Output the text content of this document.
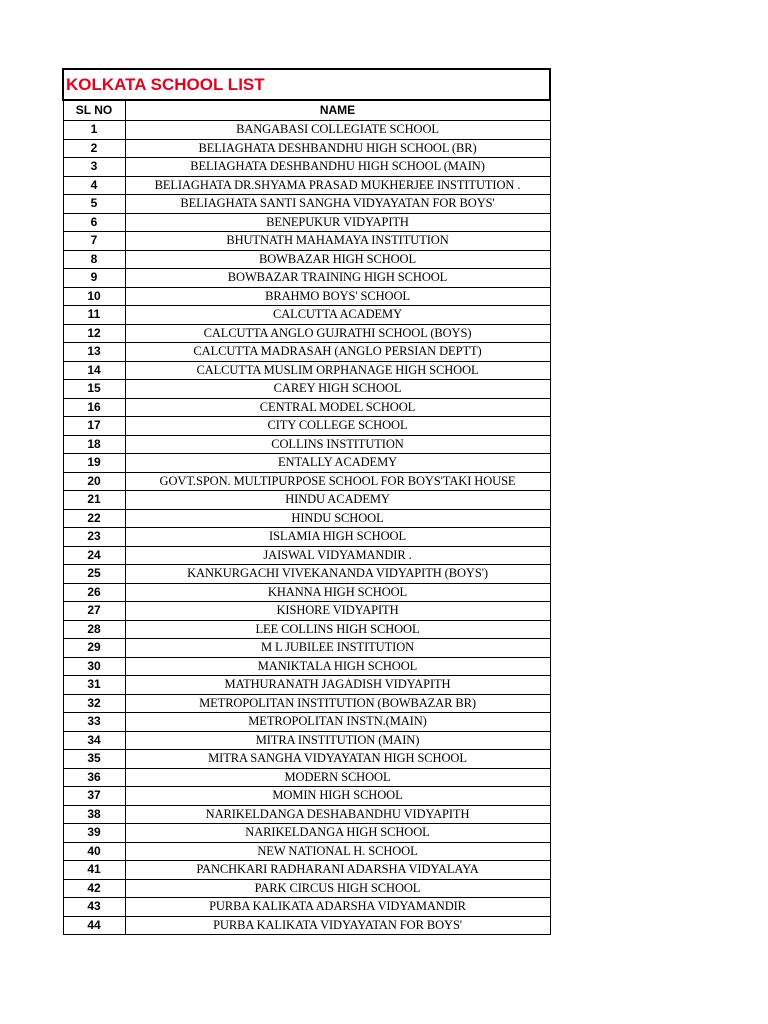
KOLKATA SCHOOL LIST	
SL NO	NAME
1	BANGABASI COLLEGIATE SCHOOL
2	BELIAGHATA DESHBANDHU HIGH SCHOOL (BR)
3	BELIAGHATA DESHBANDHU HIGH SCHOOL (MAIN)
4	BELIAGHATA DR.SHYAMA PRASAD MUKHERJEE INSTITUTION .
5	BELIAGHATA SANTI SANGHA VIDYAYATAN FOR BOYS'
6	BENEPUKUR VIDYAPITH
7	BHUTNATH MAHAMAYA INSTITUTION
8	BOWBAZAR HIGH SCHOOL
9	BOWBAZAR TRAINING HIGH SCHOOL
10	BRAHMO BOYS' SCHOOL
11	CALCUTTA ACADEMY
12	CALCUTTA ANGLO GUJRATHI SCHOOL (BOYS)
13	CALCUTTA MADRASAH (ANGLO PERSIAN DEPTT)
14	CALCUTTA MUSLIM ORPHANAGE HIGH SCHOOL
15	CAREY HIGH SCHOOL
16	CENTRAL MODEL SCHOOL
17	CITY COLLEGE SCHOOL
18	COLLINS INSTITUTION
19	ENTALLY ACADEMY
20	GOVT.SPON. MULTIPURPOSE SCHOOL FOR BOYS'TAKI HOUSE
21	HINDU ACADEMY
22	HINDU SCHOOL
23	ISLAMIA HIGH SCHOOL
24	JAISWAL VIDYAMANDIR .
25	KANKURGACHI VIVEKANANDA VIDYAPITH (BOYS')
26	KHANNA HIGH SCHOOL
27	KISHORE VIDYAPITH
28	LEE COLLINS HIGH SCHOOL
29	M L JUBILEE INSTITUTION
30	MANIKTALA HIGH SCHOOL
31	MATHURANATH JAGADISH VIDYAPITH
32	METROPOLITAN INSTITUTION (BOWBAZAR BR)
33	METROPOLITAN INSTN.(MAIN)
34	MITRA INSTITUTION (MAIN)
35	MITRA SANGHA VIDYAYATAN HIGH SCHOOL
36	MODERN SCHOOL
37	MOMIN HIGH SCHOOL
38	NARIKELDANGA DESHABANDHU VIDYAPITH
39	NARIKELDANGA HIGH SCHOOL
40	NEW NATIONAL H. SCHOOL
41	PANCHKARI RADHARANI ADARSHA VIDYALAYA
42	PARK CIRCUS HIGH SCHOOL
43	PURBA KALIKATA ADARSHA VIDYAMANDIR
44	PURBA KALIKATA VIDYAYATAN FOR BOYS'
